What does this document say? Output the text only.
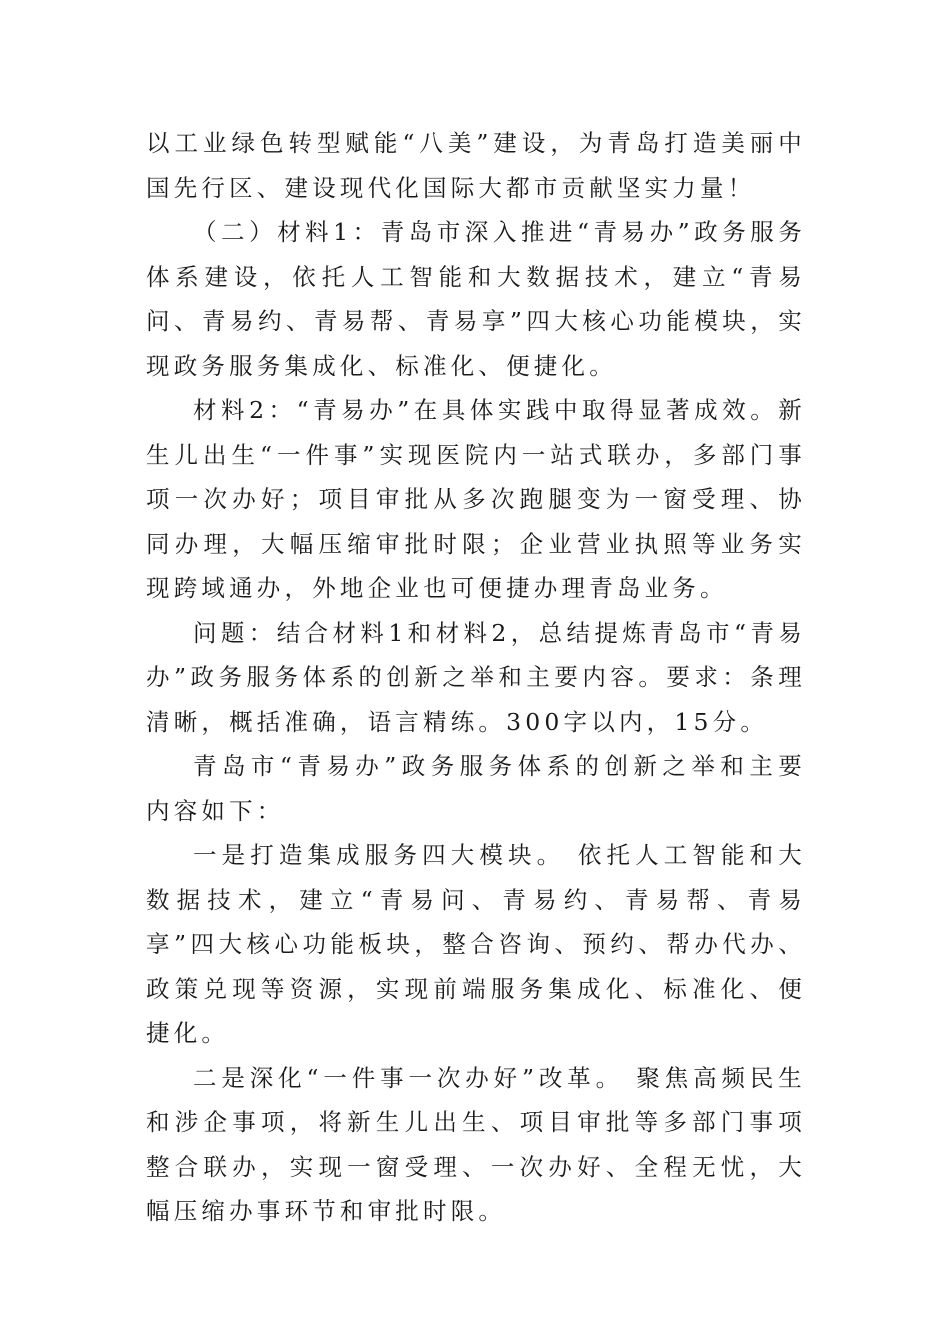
以工业绿色转型赋能“八美”建设，为青岛打造美丽中国先行区、建设现代化国际大都市贡献坚实力量！

（二）材料1：青岛市深入推进“青易办”政务服务体系建设，依托人工智能和大数据技术，建立“青易问、青易约、青易帮、青易享”四大核心功能模块，实现政务服务集成化、标准化、便捷化。

材料2：“青易办”在具体实践中取得显著成效。新生儿出生“一件事”实现医院内一站式联办，多部门事项一次办好；项目审批从多次跑腿变为一窗受理、协同办理，大幅压缩审批时限；企业营业执照等业务实现跨域通办，外地企业也可便捷办理青岛业务。

问题：结合材料1和材料2，总结提炼青岛市“青易办”政务服务体系的创新之举和主要内容。要求：条理清晰，概括准确，语言精练。300字以内，15分。

青岛市“青易办”政务服务体系的创新之举和主要内容如下：

一是打造集成服务四大模块。 依托人工智能和大数据技术，建立“青易问、青易约、青易帮、青易享”四大核心功能板块，整合咨询、预约、帮办代办、政策兑现等资源，实现前端服务集成化、标准化、便捷化。

二是深化“一件事一次办好”改革。 聚焦高频民生和涉企事项，将新生儿出生、项目审批等多部门事项整合联办，实现一窗受理、一次办好、全程无忧，大幅压缩办事环节和审批时限。
